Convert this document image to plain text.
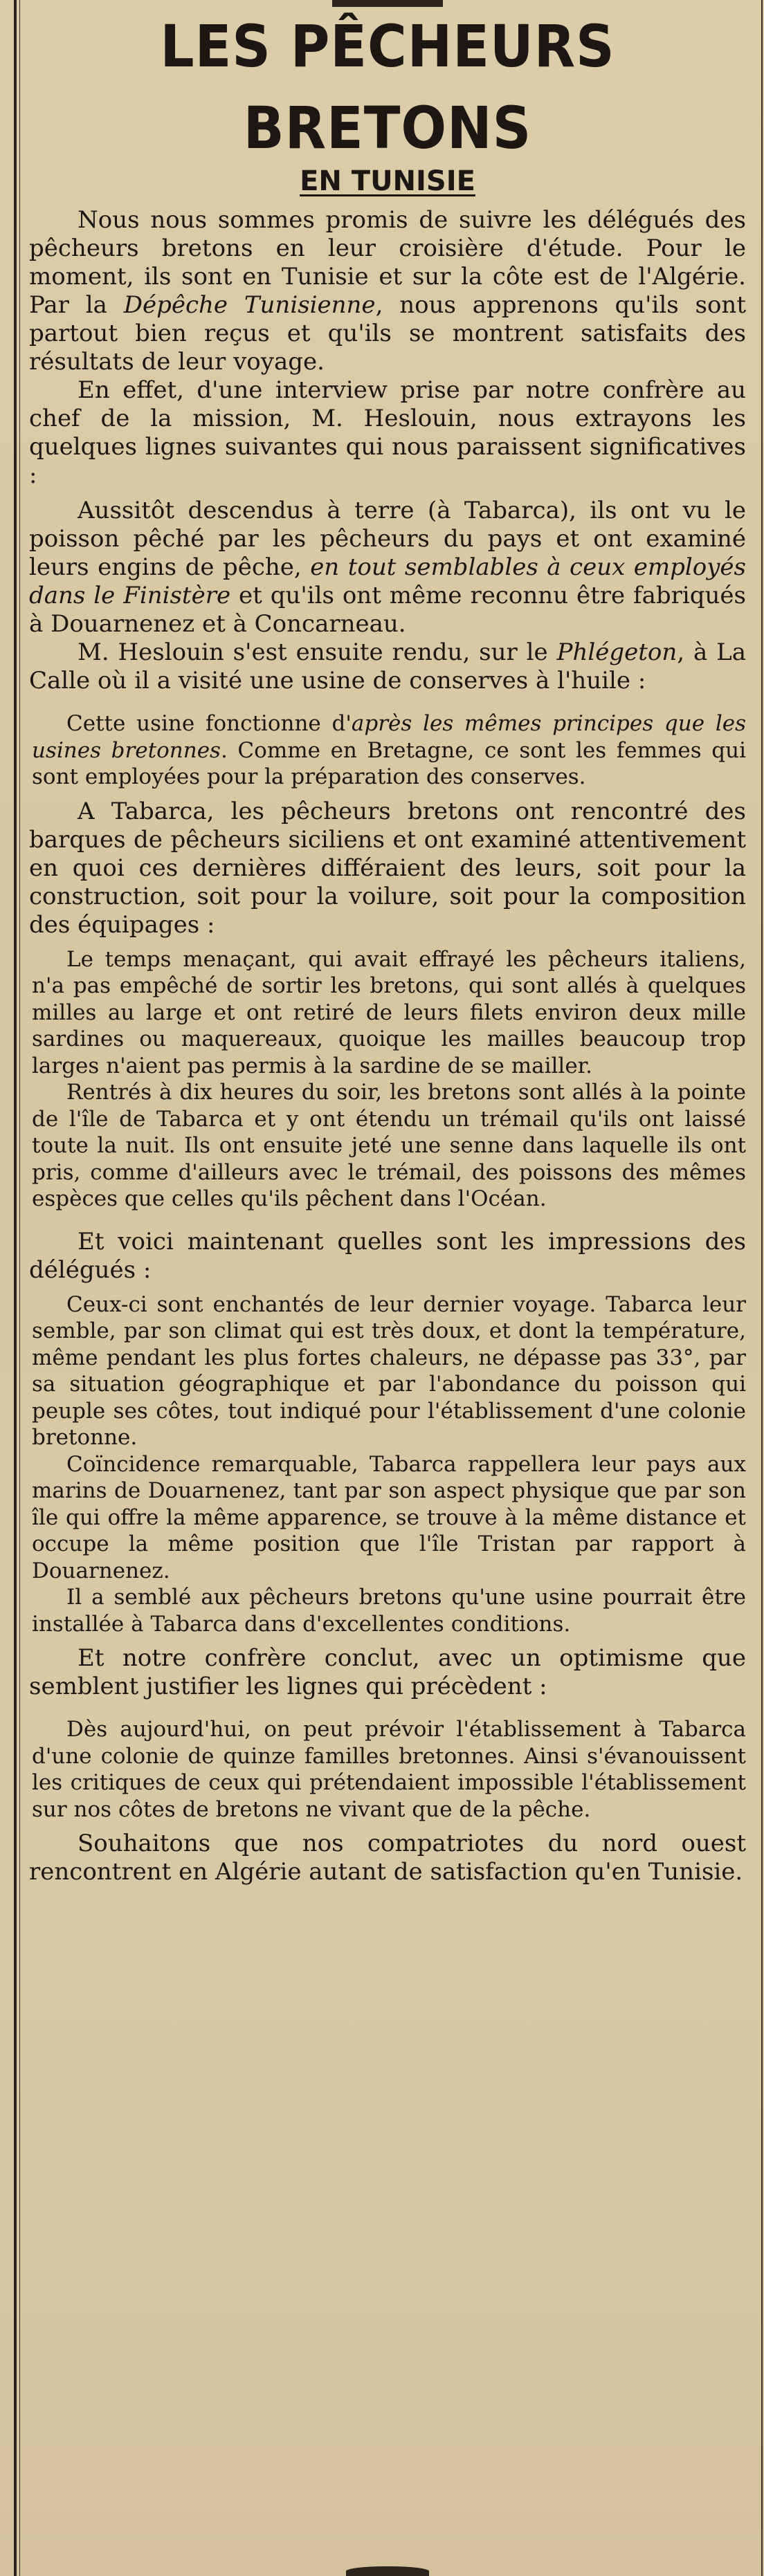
LES PÊCHEURS BRETONS
EN TUNISIE

Nous nous sommes promis de suivre les délégués des pêcheurs bretons en leur croisière d'étude. Pour le moment, ils sont en Tunisie et sur la côte est de l'Algérie. Par la Dépêche Tunisienne, nous apprenons qu'ils sont partout bien reçus et qu'ils se montrent satisfaits des résultats de leur voyage.

En effet, d'une interview prise par notre confrère au chef de la mission, M. Heslouin, nous extrayons les quelques lignes suivantes qui nous paraissent significatives :

Aussitôt descendus à terre (à Tabarca), ils ont vu le poisson pêché par les pêcheurs du pays et ont examiné leurs engins de pêche, en tout semblables à ceux employés dans le Finistère et qu'ils ont même reconnu être fabriqués à Douarnenez et à Concarneau.

M. Heslouin s'est ensuite rendu, sur le Phlégeton, à La Calle où il a visité une usine de conserves à l'huile :

Cette usine fonctionne d'après les mêmes principes que les usines bretonnes. Comme en Bretagne, ce sont les femmes qui sont employées pour la préparation des conserves.

A Tabarca, les pêcheurs bretons ont rencontré des barques de pêcheurs siciliens et ont examiné attentivement en quoi ces dernières différaient des leurs, soit pour la construction, soit pour la voilure, soit pour la composition des équipages :

Le temps menaçant, qui avait effrayé les pêcheurs italiens, n'a pas empêché de sortir les bretons, qui sont allés à quelques milles au large et ont retiré de leurs filets environ deux mille sardines ou maquereaux, quoique les mailles beaucoup trop larges n'aient pas permis à la sardine de se mailler.

Rentrés à dix heures du soir, les bretons sont allés à la pointe de l'île de Tabarca et y ont étendu un trémail qu'ils ont laissé toute la nuit. Ils ont ensuite jeté une senne dans laquelle ils ont pris, comme d'ailleurs avec le trémail, des poissons des mêmes espèces que celles qu'ils pêchent dans l'Océan.

Et voici maintenant quelles sont les impressions des délégués :

Ceux-ci sont enchantés de leur dernier voyage. Tabarca leur semble, par son climat qui est très doux, et dont la température, même pendant les plus fortes chaleurs, ne dépasse pas 33°, par sa situation géographique et par l'abondance du poisson qui peuple ses côtes, tout indiqué pour l'établissement d'une colonie bretonne.

Coïncidence remarquable, Tabarca rappellera leur pays aux marins de Douarnenez, tant par son aspect physique que par son île qui offre la même apparence, se trouve à la même distance et occupe la même position que l'île Tristan par rapport à Douarnenez.

Il a semblé aux pêcheurs bretons qu'une usine pourrait être installée à Tabarca dans d'excellentes conditions.

Et notre confrère conclut, avec un optimisme que semblent justifier les lignes qui précèdent :

Dès aujourd'hui, on peut prévoir l'établissement à Tabarca d'une colonie de quinze familles bretonnes. Ainsi s'évanouissent les critiques de ceux qui prétendaient impossible l'établissement sur nos côtes de bretons ne vivant que de la pêche.

Souhaitons que nos compatriotes du nord ouest rencontrent en Algérie autant de satisfaction qu'en Tunisie.
